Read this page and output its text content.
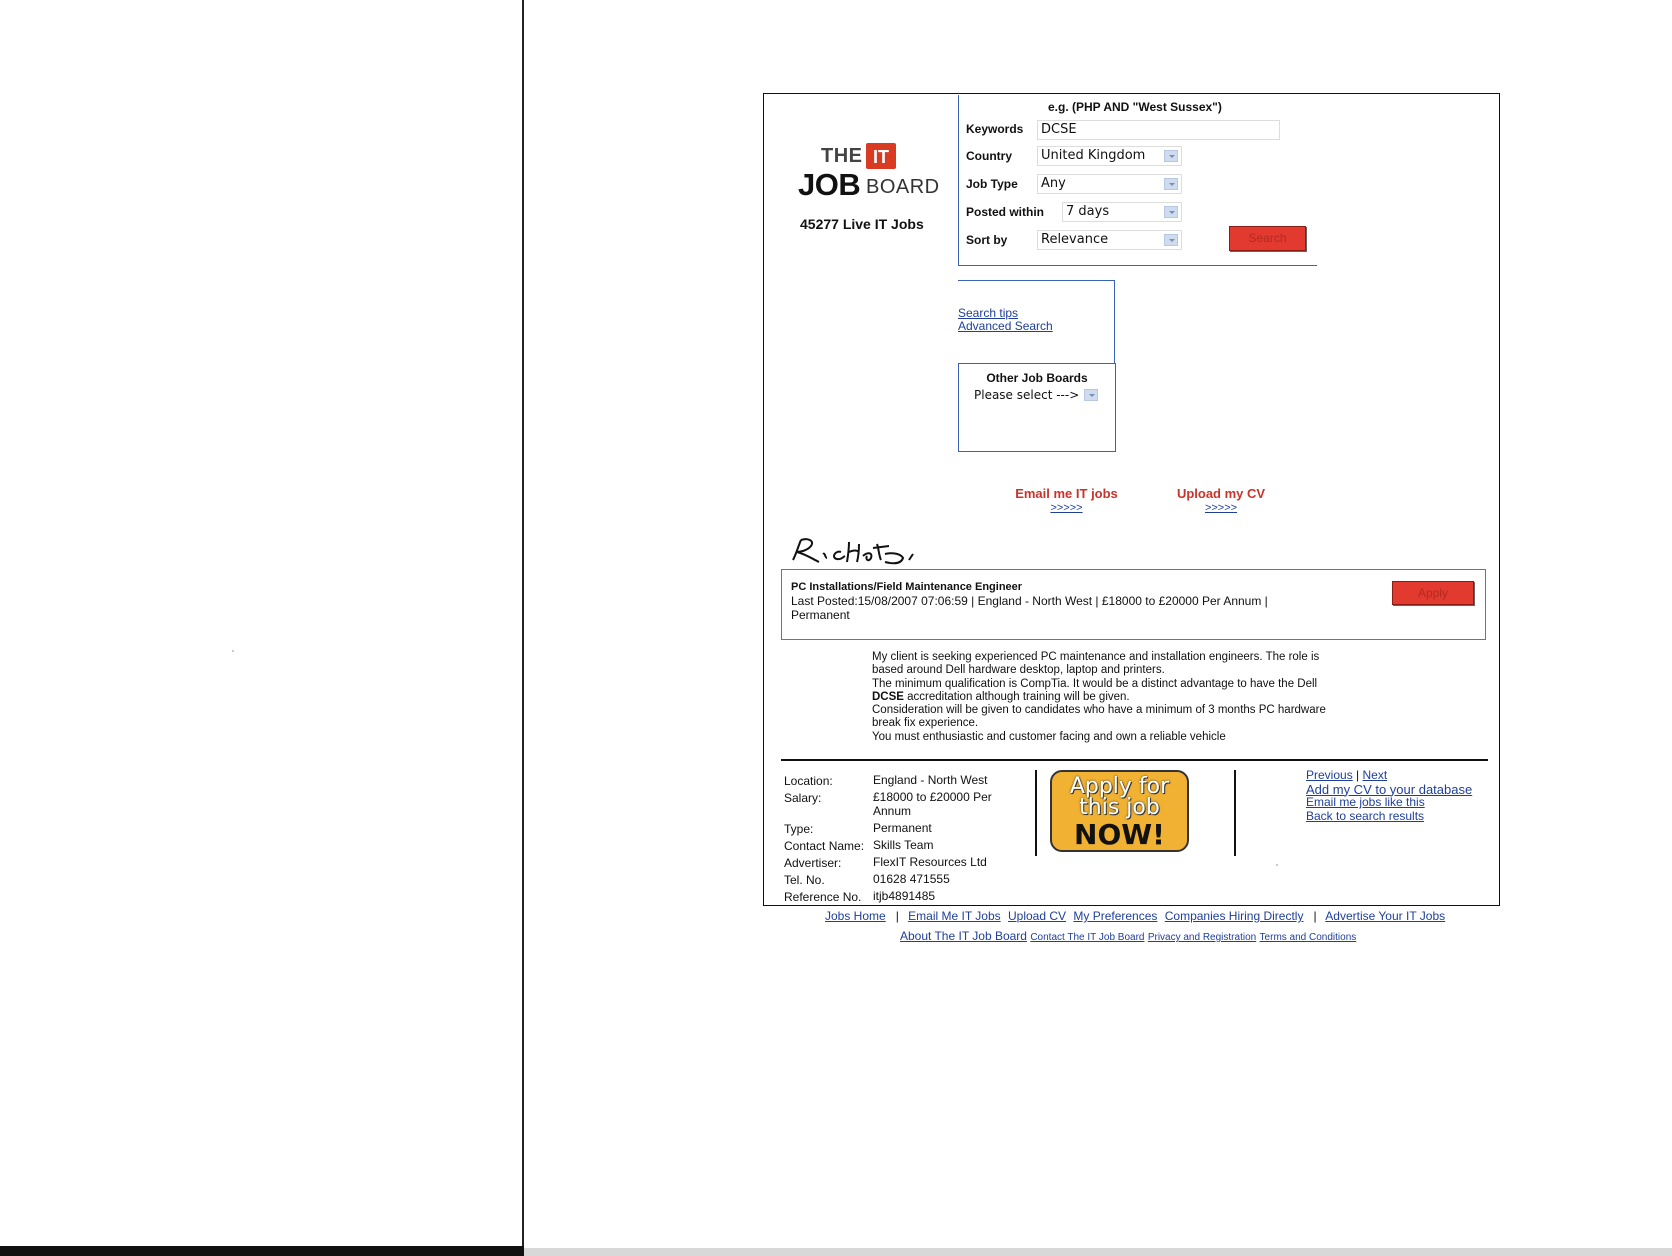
THE IT
JOB BOARD
45277 Live IT Jobs
e.g. (PHP AND "West Sussex")
Keywords	DCSE
Country	United Kingdom
Job Type	Any
Posted within	7 days
Sort by	Relevance	Search
Search tips
Advanced Search
Other Job Boards
Please select --->
Email me IT jobs
>>>>>
Upload my CV
>>>>>
PC Installations/Field Maintenance Engineer
Last Posted:15/08/2007 07:06:59 | England - North West | £18000 to £20000 Per Annum | Permanent
Apply

My client is seeking experienced PC maintenance and installation engineers. The role is based around Dell hardware desktop, laptop and printers.

The minimum qualification is CompTia. It would be a distinct advantage to have the Dell
DCSE accreditation although training will be given.

Consideration will be given to candidates who have a minimum of 3 months PC hardware break fix experience.

You must enthusiastic and customer facing and own a reliable vehicle

Location:	England - North West
Salary:	£18000 to £20000 Per Annum
Type:	Permanent
Contact Name: Skills Team
Advertiser:	FlexIT Resources Ltd
Tel. No.	01628 471555
Reference No. itjb4891485
Apply for
this job
NOW!
Previous | Next
Add my CV to your database
Email me jobs like this
Back to search results
Jobs Home | Email Me IT Jobs Upload CV My Preferences Companies Hiring Directly | Advertise Your IT Jobs
About The IT Job Board Contact The IT Job Board Privacy and Registration Terms and Conditions
